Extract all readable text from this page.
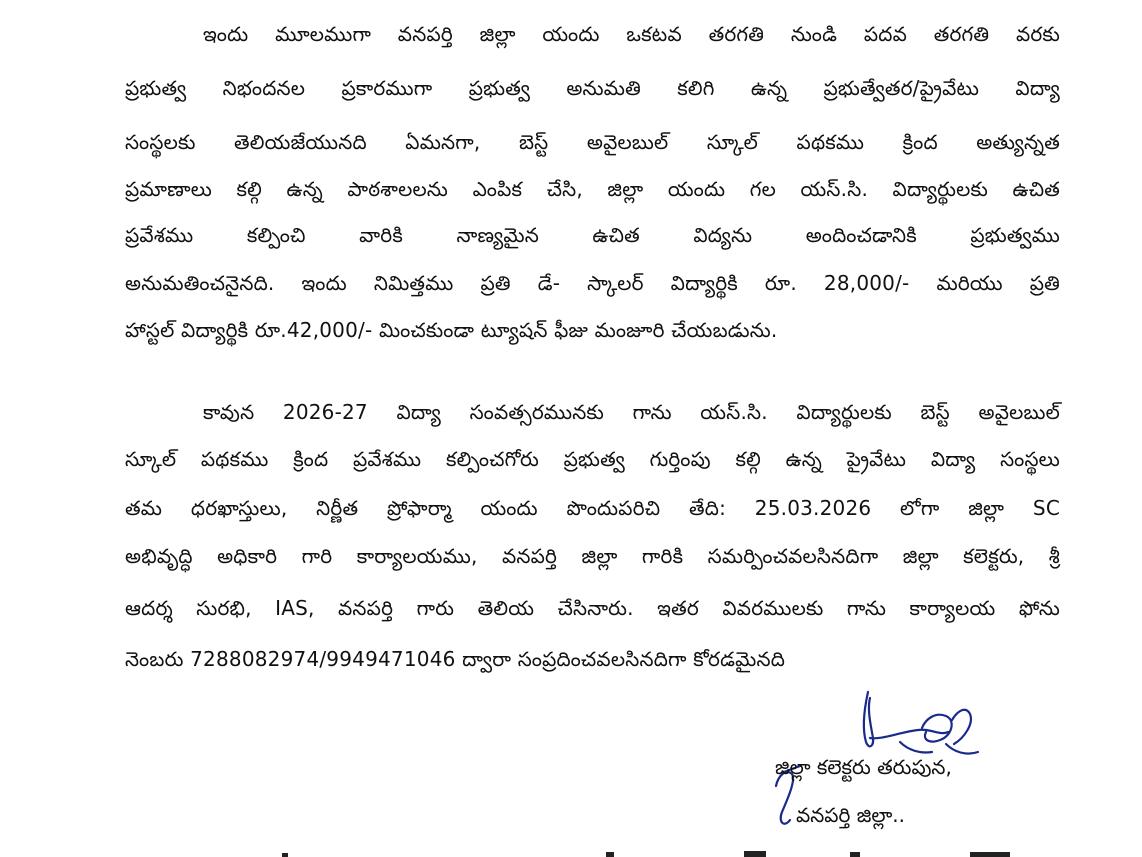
ఇందు మూలముగా వనపర్తి జిల్లా యందు ఒకటవ తరగతి నుండి పదవ తరగతి వరకు
ప్రభుత్వ నిభందనల ప్రకారముగా ప్రభుత్వ అనుమతి కలిగి ఉన్న ప్రభుత్వేతర/ప్రైవేటు విద్యా
సంస్థలకు తెలియజేయునది ఏమనగా, బెస్ట్ అవైలబుల్ స్కూల్ పథకము క్రింద అత్యున్నత
ప్రమాణాలు కల్గి ఉన్న పాఠశాలలను ఎంపిక చేసి, జిల్లా యందు గల యస్.సి. విద్యార్థులకు ఉచిత
ప్రవేశము కల్పించి వారికి నాణ్యమైన ఉచిత విద్యను అందించడానికి ప్రభుత్వము
అనుమతించనైనది. ఇందు నిమిత్తము ప్రతి డే- స్కాలర్ విద్యార్థికి రూ. 28,000/- మరియు ప్రతి
హాస్టల్ విద్యార్థికి రూ.42,000/- మించకుండా ట్యూషన్ ఫీజు మంజూరి చేయబడును.
కావున 2026-27 విద్యా సంవత్సరమునకు గాను యస్.సి. విద్యార్థులకు బెస్ట్ అవైలబుల్
స్కూల్ పథకము క్రింద ప్రవేశము కల్పించగోరు ప్రభుత్వ గుర్తింపు కల్గి ఉన్న ప్రైవేటు విద్యా సంస్థలు
తమ ధరఖాస్తులు, నిర్ణీత ప్రోఫార్మా యందు పొందుపరిచి తేది: 25.03.2026 లోగా జిల్లా SC
అభివృద్ధి అధికారి గారి కార్యాలయము, వనపర్తి జిల్లా గారికి సమర్పించవలసినదిగా జిల్లా కలెక్టరు, శ్రీ
ఆదర్శ సురభి, IAS, వనపర్తి గారు తెలియ చేసినారు. ఇతర వివరములకు గాను కార్యాలయ ఫోను
నెంబరు 7288082974/9949471046 ద్వారా సంప్రదించవలసినదిగా కోరడమైనది
జిల్లా కలెక్టరు తరుపున,
వనపర్తి జిల్లా..
